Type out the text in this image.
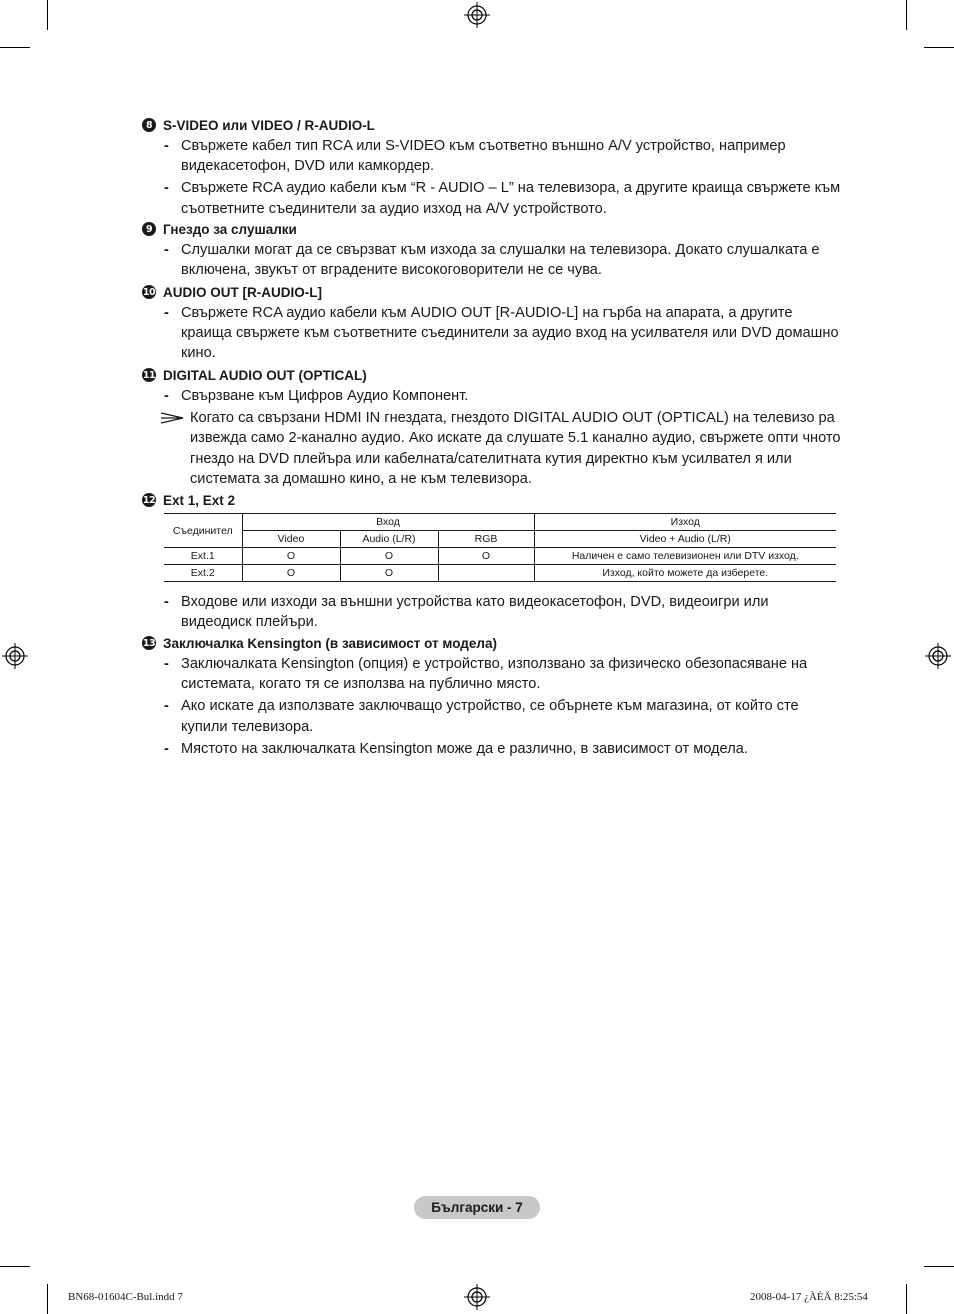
8 S-VIDEO или VIDEO / R-AUDIO-L
- Свържете кабел тип RCA или S-VIDEO към съответно външно A/V устройство, например видекасетофон, DVD или камкордер.
- Свържете RCA аудио кабели към “R - AUDIO – L” на телевизора, а другите краища свържете към съответните съединители за аудио изход на A/V устройството.
9 Гнездо за слушалки
- Слушалки могат да се свързват към изхода за слушалки на телевизора. Докато слушалката е включена, звукът от вградените високоговорители не се чува.
10 AUDIO OUT [R-AUDIO-L]
- Свържете RCA аудио кабели към AUDIO OUT [R-AUDIO-L] на гърба на апарата, а другите краища свържете към съответните съединители за аудио вход на усилвателя или DVD домашно кино.
11 DIGITAL AUDIO OUT (OPTICAL)
- Свързване към Цифров Аудио Компонент.
Когато са свързани HDMI IN гнездата, гнездото DIGITAL AUDIO OUT (OPTICAL) на телевизо ра извежда само 2-канално аудио. Ако искате да слушате 5.1 канално аудио, свържете опти чното гнездо на DVD плейъра или кабелната/сателитната кутия директно към усилвател я или системата за домашно кино, а не към телевизора.
12 Ext 1, Ext 2
Съединител	Вход			Изход
	Video	Audio (L/R)	RGB	Video + Audio (L/R)
Ext.1	O	O	O	Наличен е само телевизионен или DTV изход.
Ext.2	O	O		Изход, който можете да изберете.
- Входове или изходи за външни устройства като видеокасетофон, DVD, видеоигри или видеодиск плейъри.
13 Заключалка Kensington (в зависимост от модела)
- Заключалката Kensington (опция) е устройство, използвано за физическо обезопасяване на системата, когато тя се използва на публично място.
- Ако искате да използвате заключващо устройство, се обърнете към магазина, от който сте купили телевизора.
- Мястото на заключалката Kensington може да е различно, в зависимост от модела.
Български - 7
BN68-01604C-Bul.indd 7	2008-04-17 ¿ÀÈÄ 8:25:54
